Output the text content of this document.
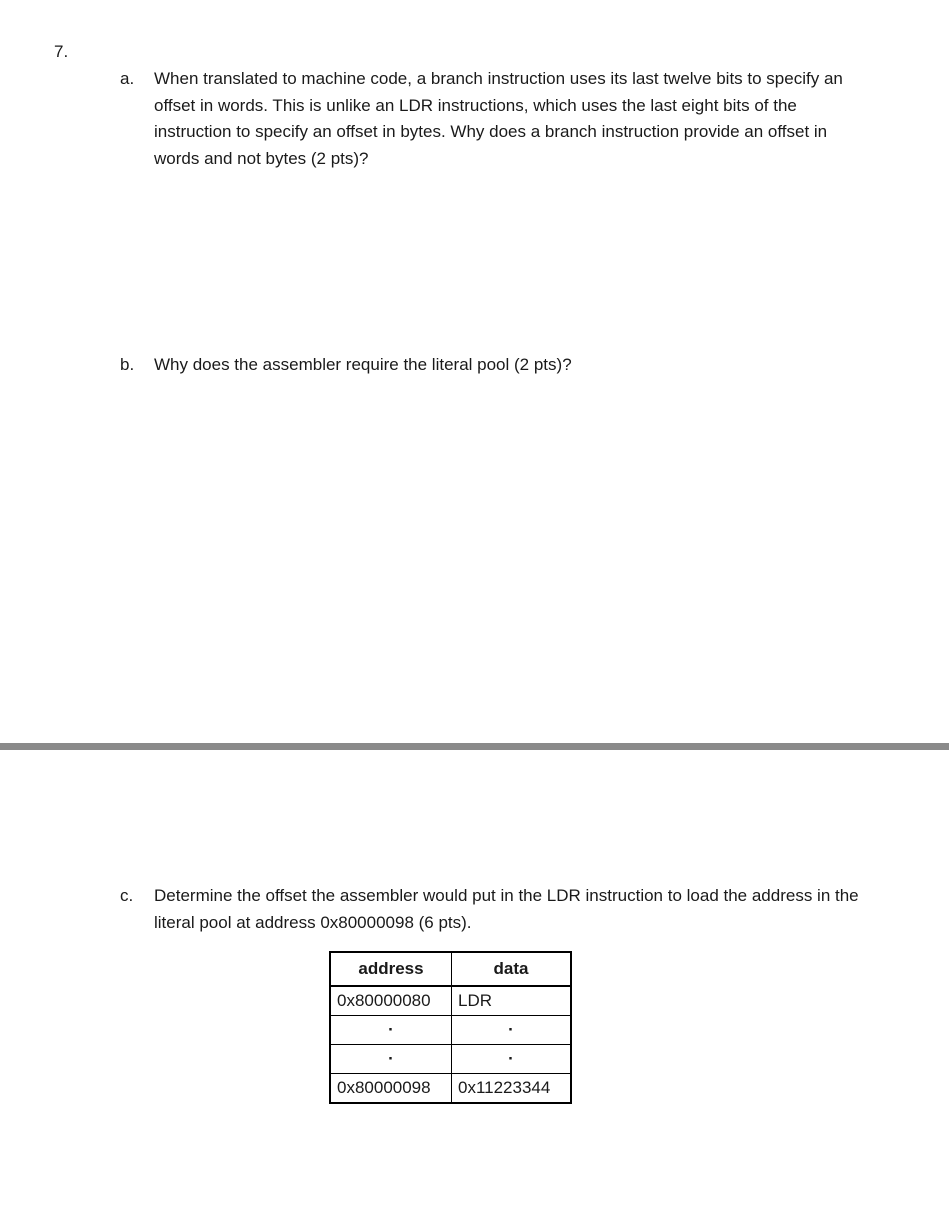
7.
a. When translated to machine code, a branch instruction uses its last twelve bits to specify an offset in words. This is unlike an LDR instructions, which uses the last eight bits of the instruction to specify an offset in bytes. Why does a branch instruction provide an offset in words and not bytes (2 pts)?
b. Why does the assembler require the literal pool (2 pts)?
c. Determine the offset the assembler would put in the LDR instruction to load the address in the literal pool at address 0x80000098 (6 pts).
address	data
0x80000080	LDR
·	·
·	·
0x80000098	0x11223344
